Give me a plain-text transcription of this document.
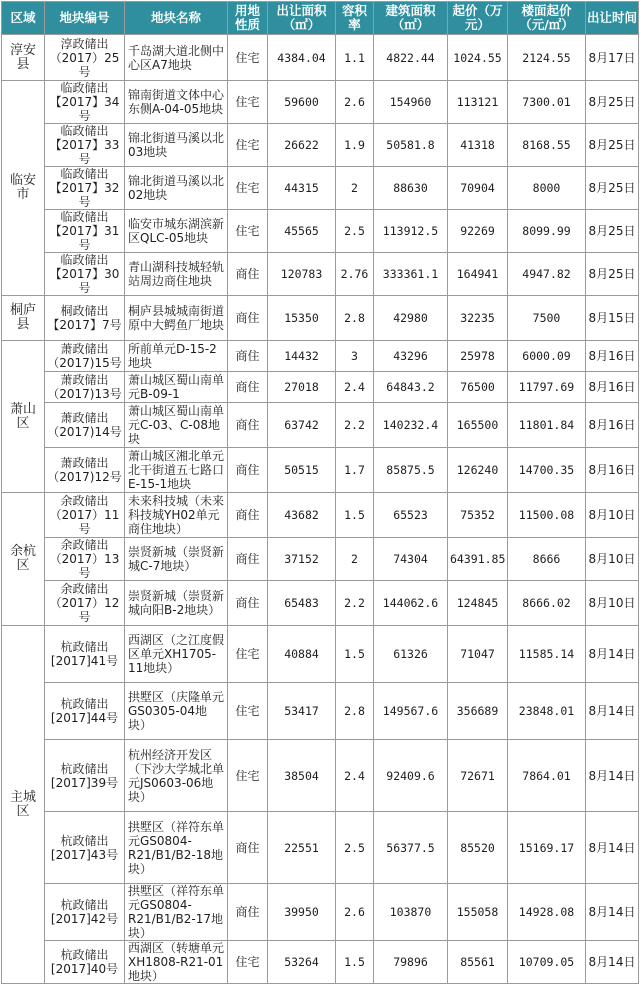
区域	地块编号	地块名称	用地性质	出让面积（㎡）	容积率	建筑面积（㎡）	起价（万元）	楼面起价（元/㎡）	出让时间
淳安县	淳政储出（2017）25号	千岛湖大道北侧中心区A7地块	住宅	4384.04	1.1	4822.44	1024.55	2124.55	8月17日
临安市	临政储出【2017】34号	锦南街道文体中心东侧A-04-05地块	住宅	59600	2.6	154960	113121	7300.01	8月25日
	临政储出【2017】33号	锦北街道马溪以北03地块	住宅	26622	1.9	50581.8	41318	8168.55	8月25日
	临政储出【2017】32号	锦北街道马溪以北02地块	住宅	44315	2	88630	70904	8000	8月25日
	临政储出【2017】31号	临安市城东湖滨新区QLC-05地块	住宅	45565	2.5	113912.5	92269	8099.99	8月25日
	临政储出【2017】30号	青山湖科技城轻轨站周边商住地块	商住	120783	2.76	333361.1	164941	4947.82	8月25日
桐庐县	桐政储出【2017】7号	桐庐县城城南街道原中大鳄鱼厂地块	商住	15350	2.8	42980	32235	7500	8月15日
萧山区	萧政储出（2017)15号	所前单元D-15-2地块	商住	14432	3	43296	25978	6000.09	8月16日
	萧政储出（2017)13号	萧山城区蜀山南单元B-09-1	商住	27018	2.4	64843.2	76500	11797.69	8月16日
	萧政储出（2017)14号	萧山城区蜀山南单元C-03、C-08地块	商住	63742	2.2	140232.4	165500	11801.84	8月16日
	萧政储出（2017)12号	萧山城区湘北单元北干街道五七路口E-15-1地块	商住	50515	1.7	85875.5	126240	14700.35	8月16日
余杭区	余政储出（2017）11号	未来科技城（未来科技城YH02单元商住地块）	商住	43682	1.5	65523	75352	11500.08	8月10日
	余政储出（2017）13号	崇贤新城（崇贤新城C-7地块）	商住	37152	2	74304	64391.85	8666	8月10日
	余政储出（2017）12号	崇贤新城（崇贤新城向阳B-2地块）	商住	65483	2.2	144062.6	124845	8666.02	8月10日
主城区	杭政储出[2017]41号	西湖区（之江度假区单元XH1705-11地块）	住宅	40884	1.5	61326	71047	11585.14	8月14日
	杭政储出[2017]44号	拱墅区（庆隆单元GS0305-04地块）	住宅	53417	2.8	149567.6	356689	23848.01	8月14日
	杭政储出[2017]39号	杭州经济开发区（下沙大学城北单元JS0603-06地块）	住宅	38504	2.4	92409.6	72671	7864.01	8月14日
	杭政储出[2017]43号	拱墅区（祥符东单元GS0804-R21/B1/B2-18地块）	商住	22551	2.5	56377.5	85520	15169.17	8月14日
	杭政储出[2017]42号	拱墅区（祥符东单元GS0804-R21/B1/B2-17地块）	商住	39950	2.6	103870	155058	14928.08	8月14日
	杭政储出[2017]40号	西湖区（转塘单元XH1808-R21-01地块）	住宅	53264	1.5	79896	85561	10709.05	8月14日
